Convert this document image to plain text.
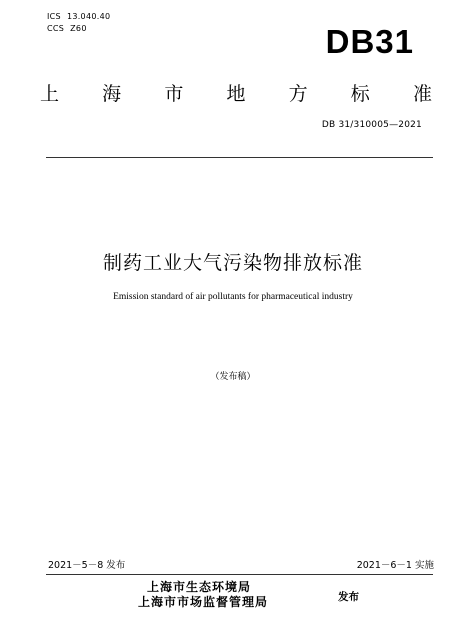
ICS 13.040.40
CCS Z60	DB31
上 海 市 地 方 标 准
DB 31/310005—2021
制药工业大气污染物排放标准
Emission standard of air pollutants for pharmaceutical industry
（发布稿）
2021－5－8 发布	2021－6－1 实施
上海市生态环境局
上海市市场监督管理局	发布
